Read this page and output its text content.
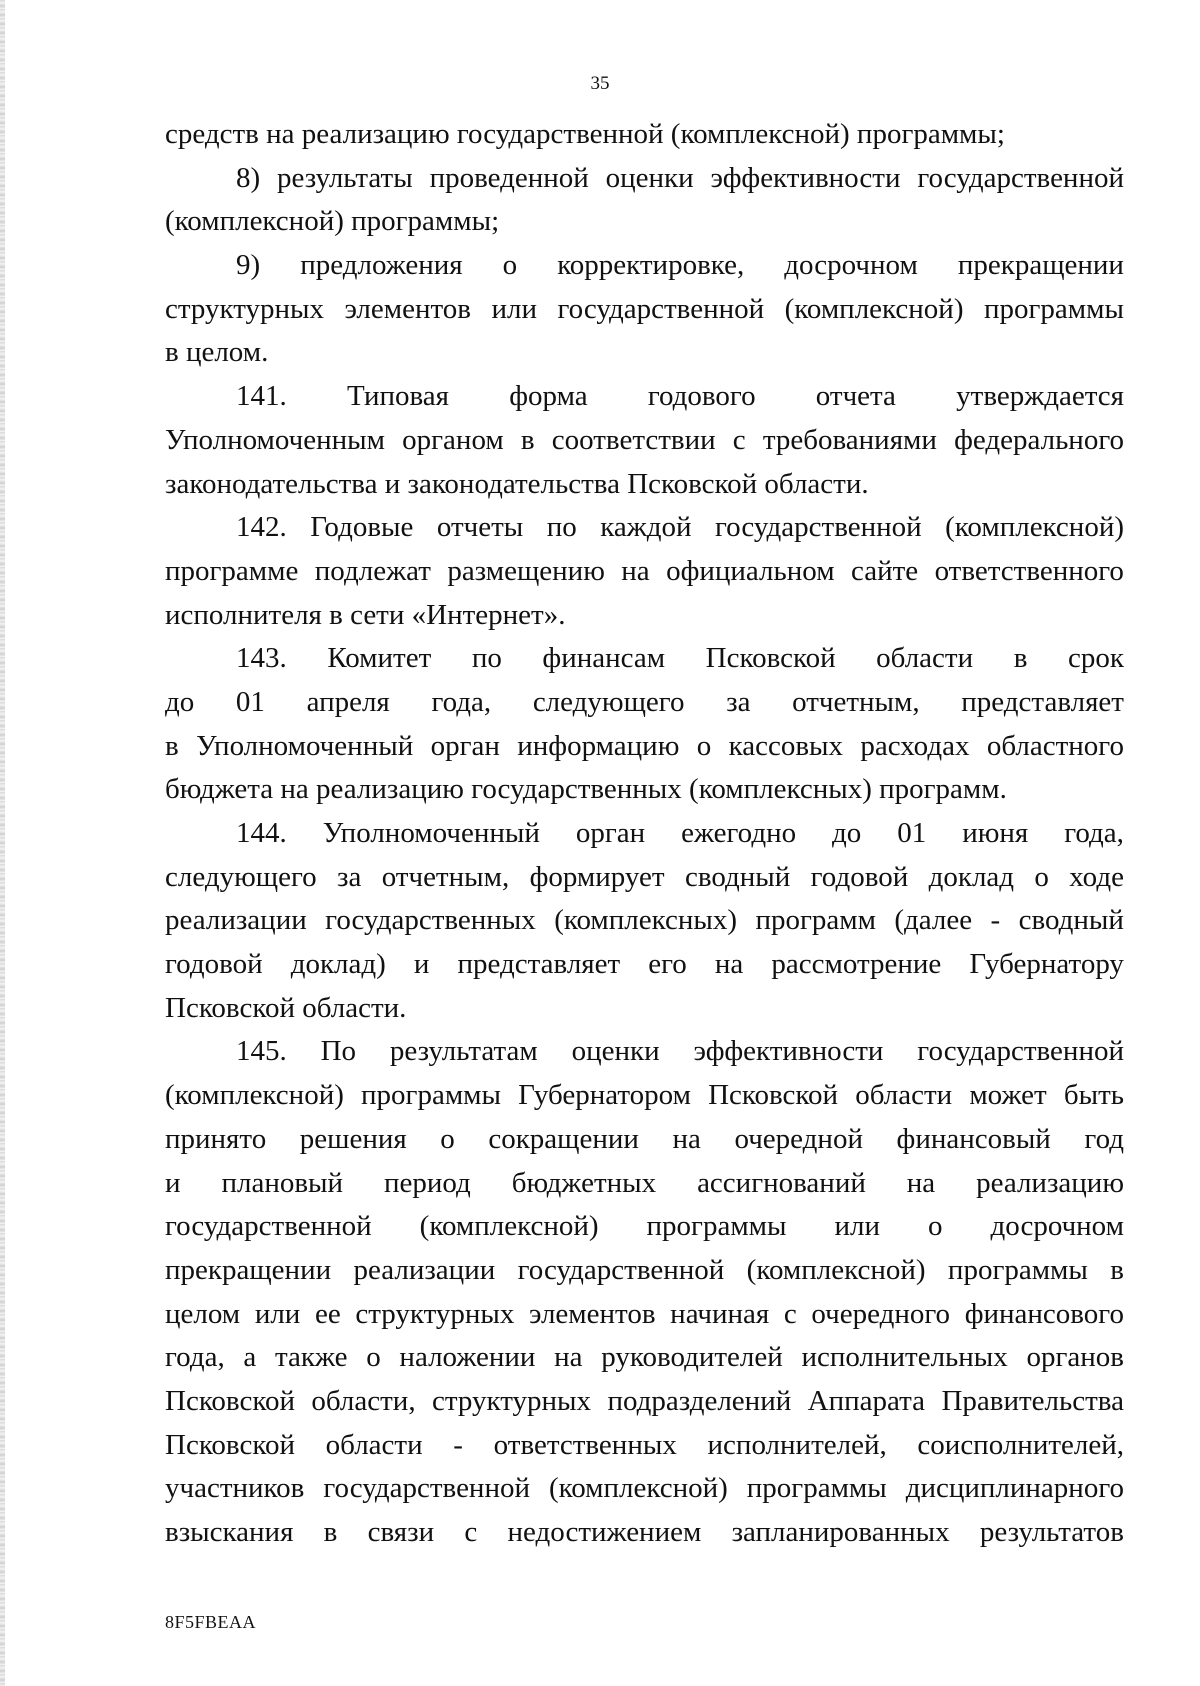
35
средств на реализацию государственной (комплексной) программы;
8) результаты проведенной оценки эффективности государственной
(комплексной) программы;
9) предложения о корректировке, досрочном прекращении
структурных элементов или государственной (комплексной) программы
в целом.
141. Типовая форма годового отчета утверждается
Уполномоченным органом в соответствии с требованиями федерального
законодательства и законодательства Псковской области.
142. Годовые отчеты по каждой государственной (комплексной)
программе подлежат размещению на официальном сайте ответственного
исполнителя в сети «Интернет».
143. Комитет по финансам Псковской области в срок
до 01 апреля года, следующего за отчетным, представляет
в Уполномоченный орган информацию о кассовых расходах областного
бюджета на реализацию государственных (комплексных) программ.
144. Уполномоченный орган ежегодно до 01 июня года,
следующего за отчетным, формирует сводный годовой доклад о ходе
реализации государственных (комплексных) программ (далее - сводный
годовой доклад) и представляет его на рассмотрение Губернатору
Псковской области.
145. По результатам оценки эффективности государственной
(комплексной) программы Губернатором Псковской области может быть
принято решения о сокращении на очередной финансовый год
и плановый период бюджетных ассигнований на реализацию
государственной (комплексной) программы или о досрочном
прекращении реализации государственной (комплексной) программы в
целом или ее структурных элементов начиная с очередного финансового
года, а также о наложении на руководителей исполнительных органов
Псковской области, структурных подразделений Аппарата Правительства
Псковской области - ответственных исполнителей, соисполнителей,
участников государственной (комплексной) программы дисциплинарного
взыскания в связи с недостижением запланированных результатов
8F5FBEAA
